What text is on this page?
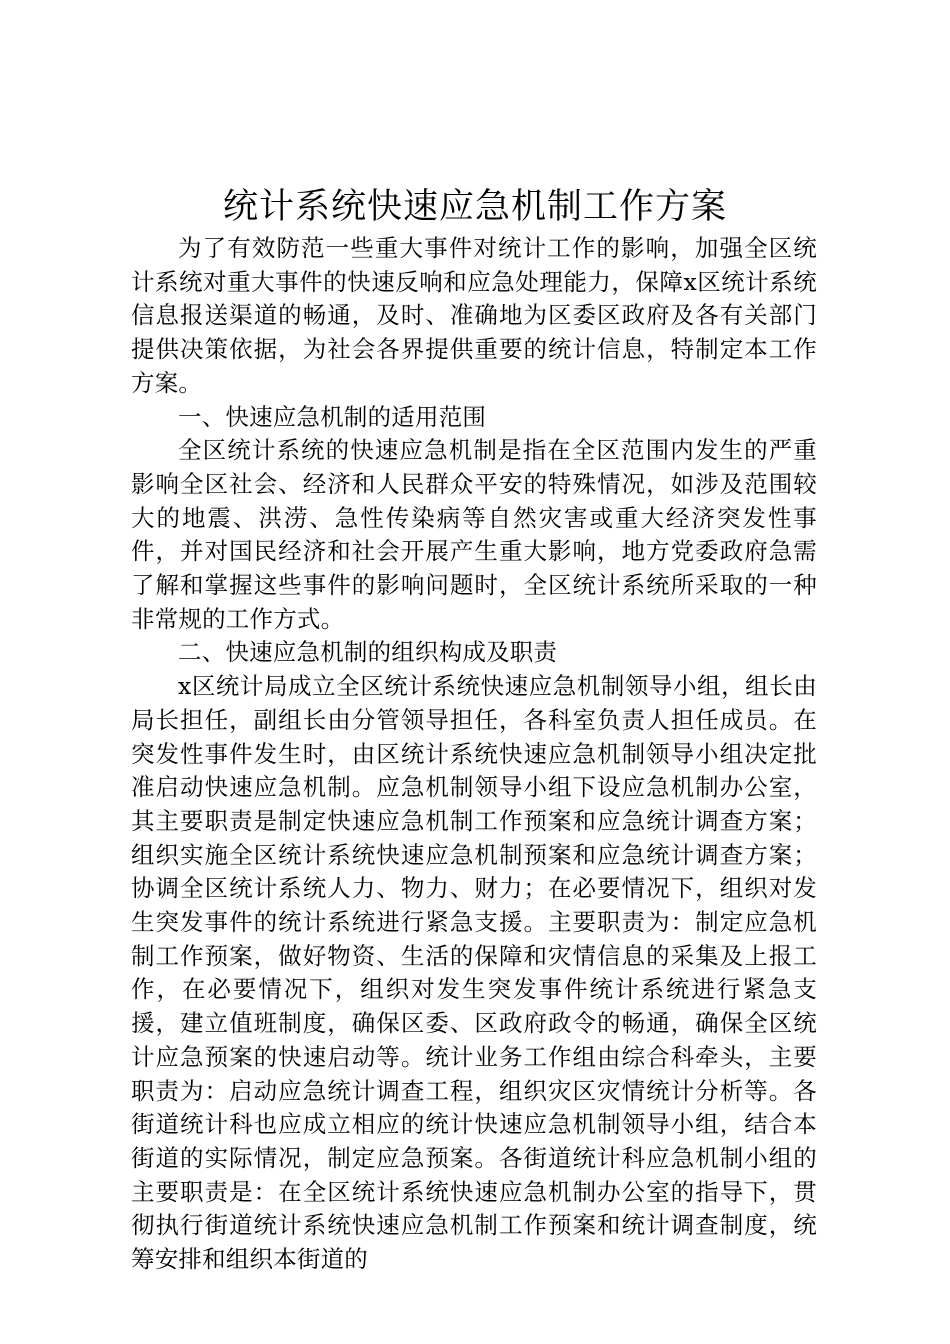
统计系统快速应急机制工作方案

为了有效防范一些重大事件对统计工作的影响，加强全区统计系统对重大事件的快速反响和应急处理能力，保障x区统计系统信息报送渠道的畅通，及时、准确地为区委区政府及各有关部门提供决策依据，为社会各界提供重要的统计信息，特制定本工作方案。

一、快速应急机制的适用范围

全区统计系统的快速应急机制是指在全区范围内发生的严重影响全区社会、经济和人民群众平安的特殊情况，如涉及范围较大的地震、洪涝、急性传染病等自然灾害或重大经济突发性事件，并对国民经济和社会开展产生重大影响，地方党委政府急需了解和掌握这些事件的影响问题时，全区统计系统所采取的一种非常规的工作方式。

二、快速应急机制的组织构成及职责

x区统计局成立全区统计系统快速应急机制领导小组，组长由局长担任，副组长由分管领导担任，各科室负责人担任成员。在突发性事件发生时，由区统计系统快速应急机制领导小组决定批准启动快速应急机制。应急机制领导小组下设应急机制办公室，其主要职责是制定快速应急机制工作预案和应急统计调查方案；组织实施全区统计系统快速应急机制预案和应急统计调查方案；协调全区统计系统人力、物力、财力；在必要情况下，组织对发生突发事件的统计系统进行紧急支援。主要职责为：制定应急机制工作预案，做好物资、生活的保障和灾情信息的采集及上报工作，在必要情况下，组织对发生突发事件统计系统进行紧急支援，建立值班制度，确保区委、区政府政令的畅通，确保全区统计应急预案的快速启动等。统计业务工作组由综合科牵头，主要职责为：启动应急统计调查工程，组织灾区灾情统计分析等。各街道统计科也应成立相应的统计快速应急机制领导小组，结合本街道的实际情况，制定应急预案。各街道统计科应急机制小组的主要职责是：在全区统计系统快速应急机制办公室的指导下，贯彻执行街道统计系统快速应急机制工作预案和统计调查制度，统筹安排和组织本街道的
